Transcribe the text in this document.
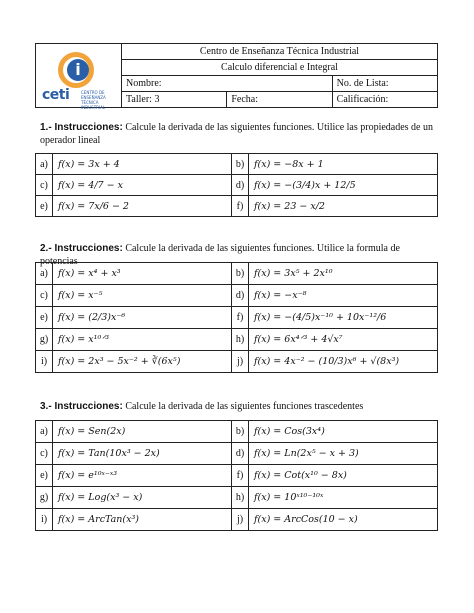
i
ceti CENTRO DE ENSEÑANZA TÉCNICA INDUSTRIAL	Centro de Enseñanza Técnica Industrial		
	Calculo diferencial e Integral		
	Nombre:		No. de Lista:
	Taller: 3	Fecha:	Calificación:
1.- Instrucciones: Calcule la derivada de las siguientes funciones. Utilice las propiedades de un operador lineal
a)	f(x) = 3x + 4	b)	f(x) = −8x + 1
c)	f(x) = 4/7 − x	d)	f(x) = −(3/4)x + 12/5
e)	f(x) = 7x/6 − 2	f)	f(x) = 23 − x/2
2.- Instrucciones: Calcule la derivada de las siguientes funciones. Utilice la formula de potencias
a)	f(x) = x⁴ + x³	b)	f(x) = 3x⁵ + 2x¹⁰
c)	f(x) = x⁻⁵	d)	f(x) = −x⁻⁸
e)	f(x) = (2/3)x⁻⁶	f)	f(x) = −(4/5)x⁻¹⁰ + 10x⁻¹²/6
g)	f(x) = x¹⁰ᐟ³	h)	f(x) = 6x⁴ᐟ³ + 4√x⁷
i)	f(x) = 2x³ − 5x⁻² + ∛(6x⁵)	j)	f(x) = 4x⁻² − (10/3)x⁶ + √(8x³)
3.- Instrucciones: Calcule la derivada de las siguientes funciones trascedentes
a)	f(x) = Sen(2x)	b)	f(x) = Cos(3x⁴)
c)	f(x) = Tan(10x³ − 2x)	d)	f(x) = Ln(2x⁵ − x + 3)
e)	f(x) = e¹⁰ˣ⁻ˣ³	f)	f(x) = Cot(x¹⁰ − 8x)
g)	f(x) = Log(x³ − x)	h)	f(x) = 10ˣ¹⁰⁻¹⁰ˣ
i)	f(x) = ArcTan(x³)	j)	f(x) = ArcCos(10 − x)
